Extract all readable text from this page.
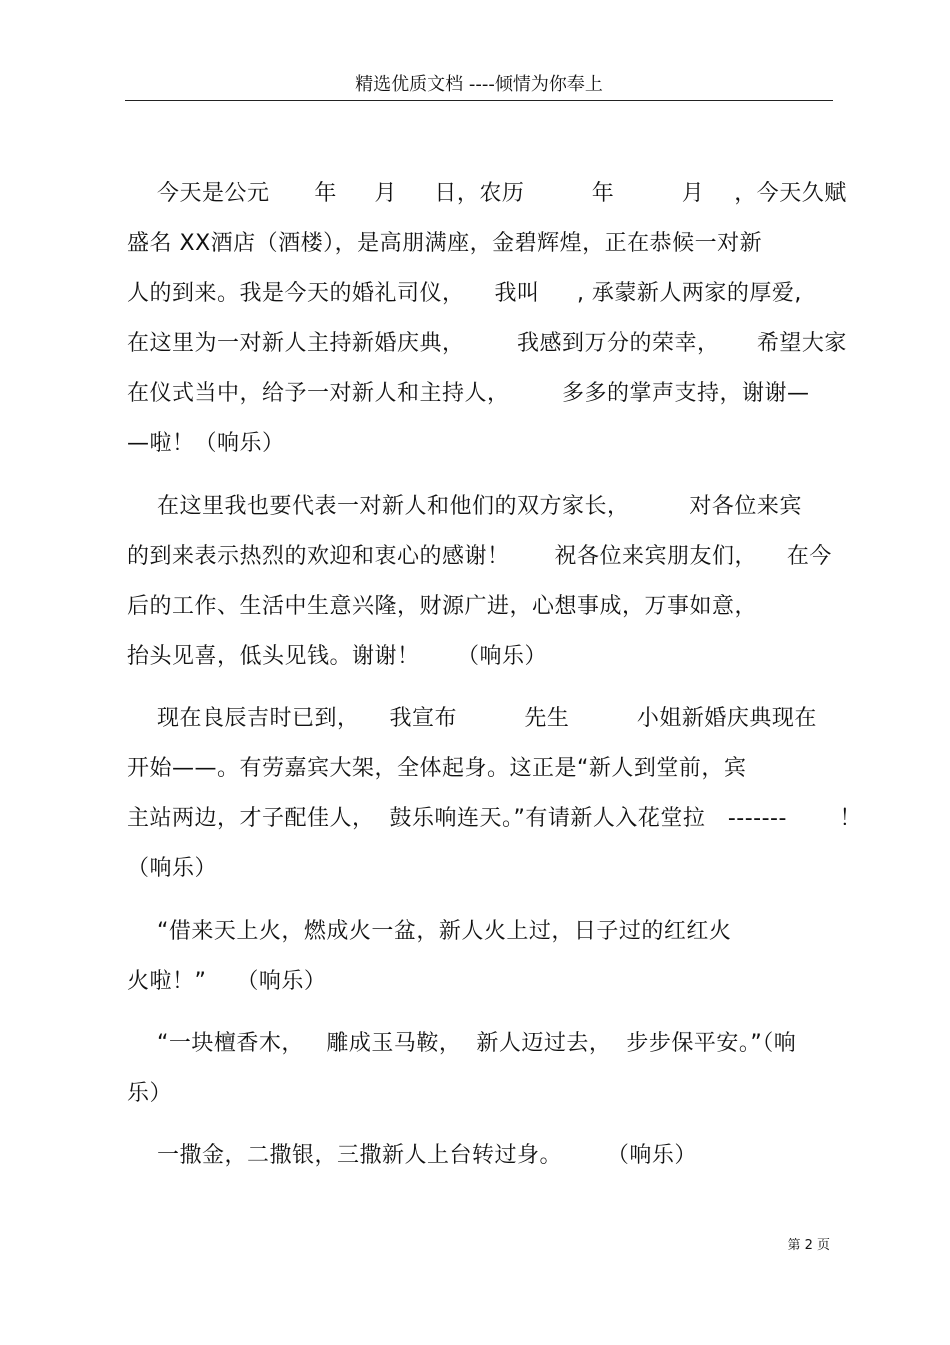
精选优质文档 ----倾情为你奉上
今天是公元      年     月     日，农历         年         月    ，今天久赋
盛名 XX酒店（酒楼），是高朋满座，金碧辉煌，正在恭候一对新
人的到来。我是今天的婚礼司仪，    我叫     , 承蒙新人两家的厚爱,
在这里为一对新人主持新婚庆典，       我感到万分的荣幸，     希望大家
在仪式当中，给予一对新人和主持人，       多多的掌声支持，谢谢—
—啦！（响乐）
在这里我也要代表一对新人和他们的双方家长，        对各位来宾
的到来表示热烈的欢迎和衷心的感谢！      祝各位来宾朋友们，    在今
后的工作、生活中生意兴隆，财源广进，心想事成，万事如意，
抬头见喜，低头见钱。谢谢！     （响乐）
现在良辰吉时已到，    我宣布         先生         小姐新婚庆典现在
开始——。有劳嘉宾大架，全体起身。这正是“新人到堂前，宾
主站两边，才子配佳人，  鼓乐响连天。”有请新人入花堂拉   -------       ！
（响乐）
“借来天上火，燃成火一盆，新人火上过，日子过的红红火
火啦！”    （响乐）
“一块檀香木，   雕成玉马鞍，  新人迈过去，  步步保平安。”（响
乐）
一撒金，二撒银，三撒新人上台转过身。      （响乐）
第 2 页
